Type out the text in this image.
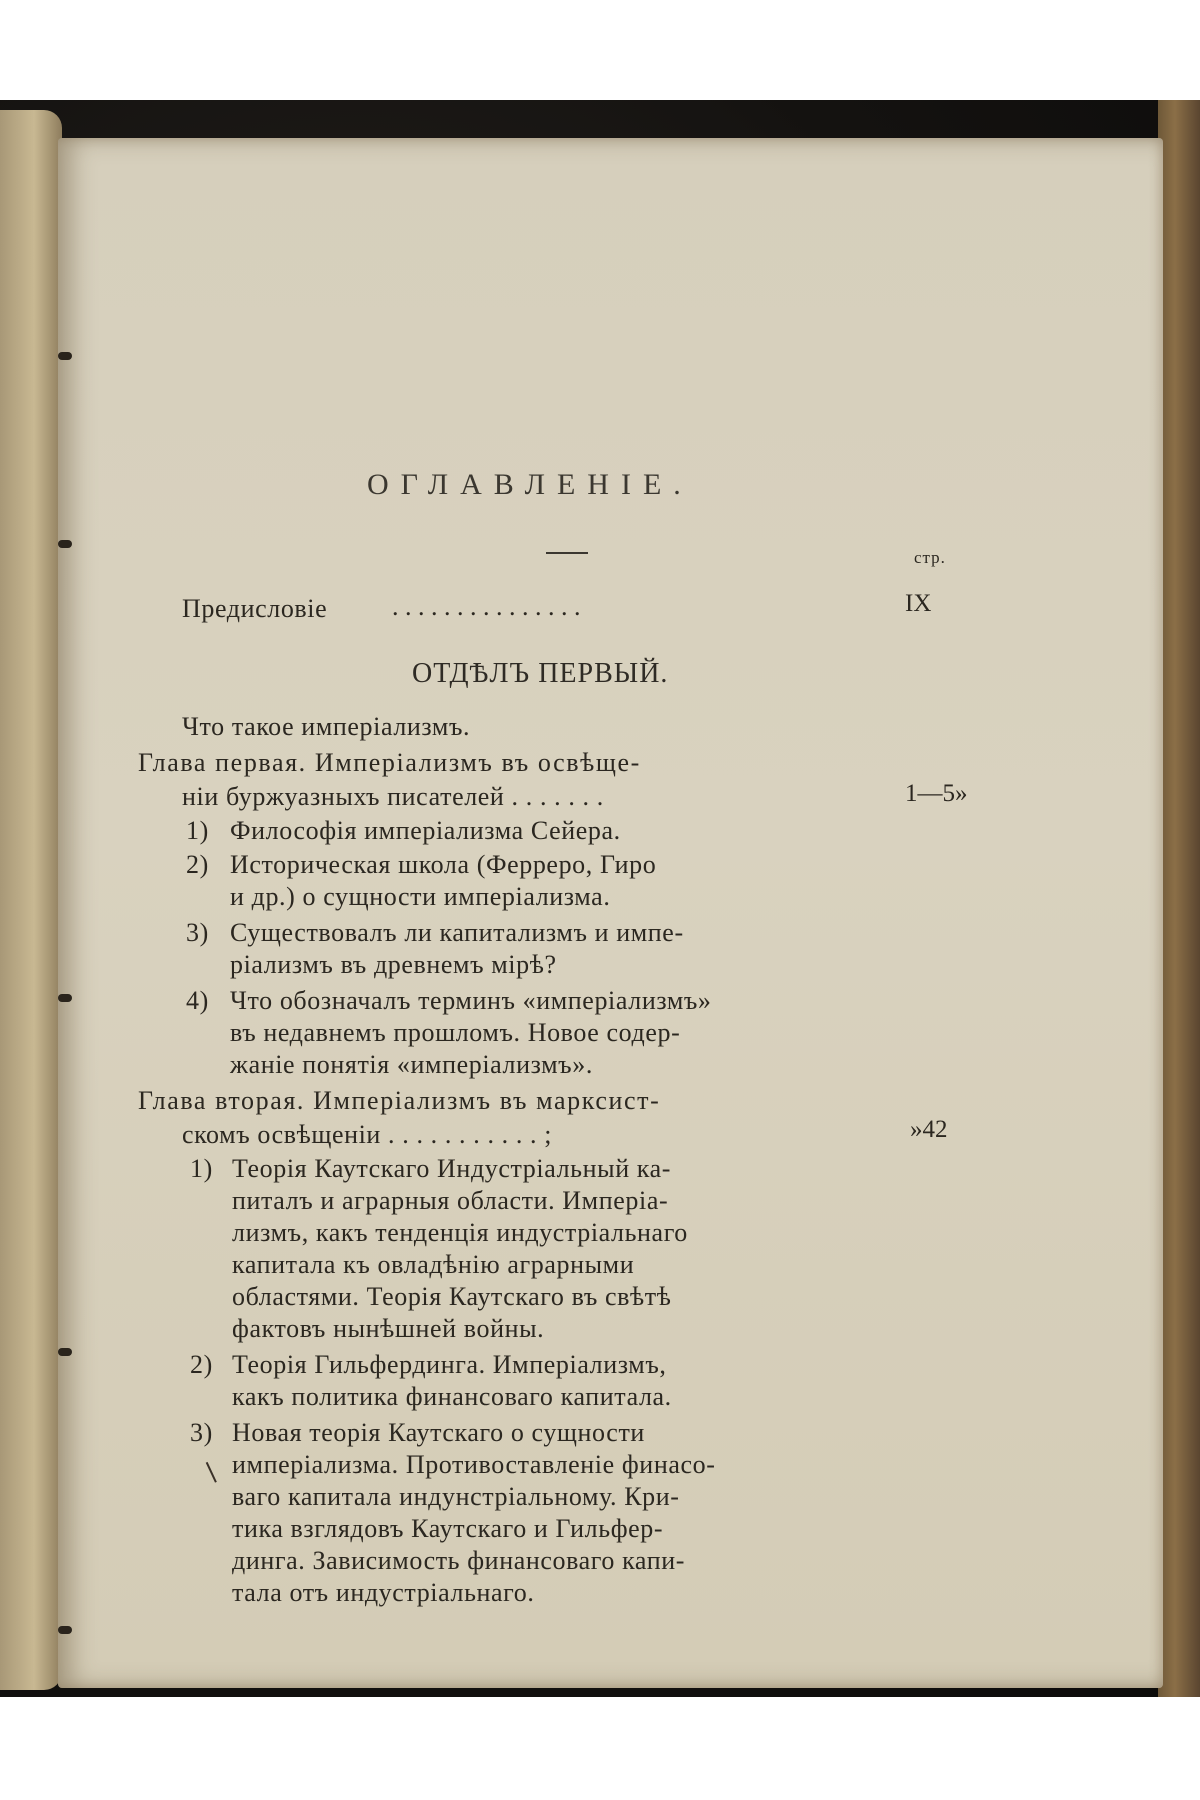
ОГЛАВЛЕНІЕ.
стр.
Предисловіе . . . . . . . . . . . . . . .	IX
ОТДѢЛЪ ПЕРВЫЙ.
Что такое имперіализмъ.
Глава первая. Имперіализмъ въ освѣще-
ніи буржуазныхъ писателей . . . . . . .	1—5»
1) Философія имперіализма Сейера.
2) Историческая школа (Ферреро, Гиро
и др.) о сущности имперіализма.
3) Существовалъ ли капитализмъ и импе-
ріализмъ въ древнемъ мірѣ?
4) Что обозначалъ терминъ «имперіализмъ»
въ недавнемъ прошломъ. Новое содер-
жаніе понятія «имперіализмъ».
Глава вторая. Имперіализмъ въ марксист-
скомъ освѣщеніи . . . . . . . . . . . ;	»42
1) Теорія Каутскаго Индустріальный ка-
питалъ и аграрныя области. Имперіа-
лизмъ, какъ тенденція индустріальнаго
капитала къ овладѣнію аграрными
областями. Теорія Каутскаго въ свѣтѣ
фактовъ нынѣшней войны.
2) Теорія Гильфердинга. Имперіализмъ,
какъ политика финансоваго капитала.
3) Новая теорія Каутскаго о сущности
имперіализма. Противоставленіе финасо-
ваго капитала индунстріальному. Кри-
тика взглядовъ Каутскаго и Гильфер-
динга. Зависимость финансоваго капи-
тала отъ индустріальнаго.
